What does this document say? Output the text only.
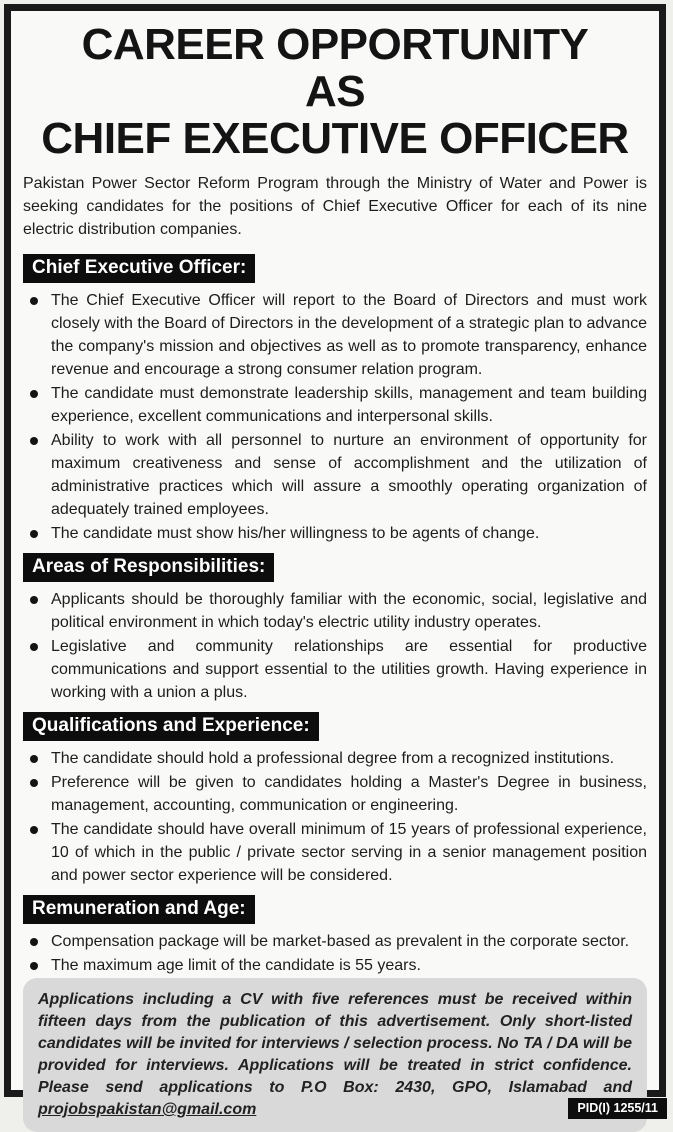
CAREER OPPORTUNITY
AS
CHIEF EXECUTIVE OFFICER

Pakistan Power Sector Reform Program through the Ministry of Water and Power is seeking candidates for the positions of Chief Executive Officer for each of its nine electric distribution companies.

Chief Executive Officer:
The Chief Executive Officer will report to the Board of Directors and must work closely with the Board of Directors in the development of a strategic plan to advance the company's mission and objectives as well as to promote transparency, enhance revenue and encourage a strong consumer relation program.
The candidate must demonstrate leadership skills, management and team building experience, excellent communications and interpersonal skills.
Ability to work with all personnel to nurture an environment of opportunity for maximum creativeness and sense of accomplishment and the utilization of administrative practices which will assure a smoothly operating organization of adequately trained employees.
The candidate must show his/her willingness to be agents of change.
Areas of Responsibilities:
Applicants should be thoroughly familiar with the economic, social, legislative and political environment in which today's electric utility industry operates.
Legislative and community relationships are essential for productive communications and support essential to the utilities growth. Having experience in working with a union a plus.
Qualifications and Experience:
The candidate should hold a professional degree from a recognized institutions.
Preference will be given to candidates holding a Master's Degree in business, management, accounting, communication or engineering.
The candidate should have overall minimum of 15 years of professional experience, 10 of which in the public / private sector serving in a senior management position and power sector experience will be considered.
Remuneration and Age:
Compensation package will be market-based as prevalent in the corporate sector.
The maximum age limit of the candidate is 55 years.
Applications including a CV with five references must be received within fifteen days from the publication of this advertisement. Only short-listed candidates will be invited for interviews / selection process. No TA / DA will be provided for interviews. Applications will be treated in strict confidence. Please send applications to P.O Box: 2430, GPO, Islamabad and projobspakistan@gmail.com	PID(I) 1255/11
